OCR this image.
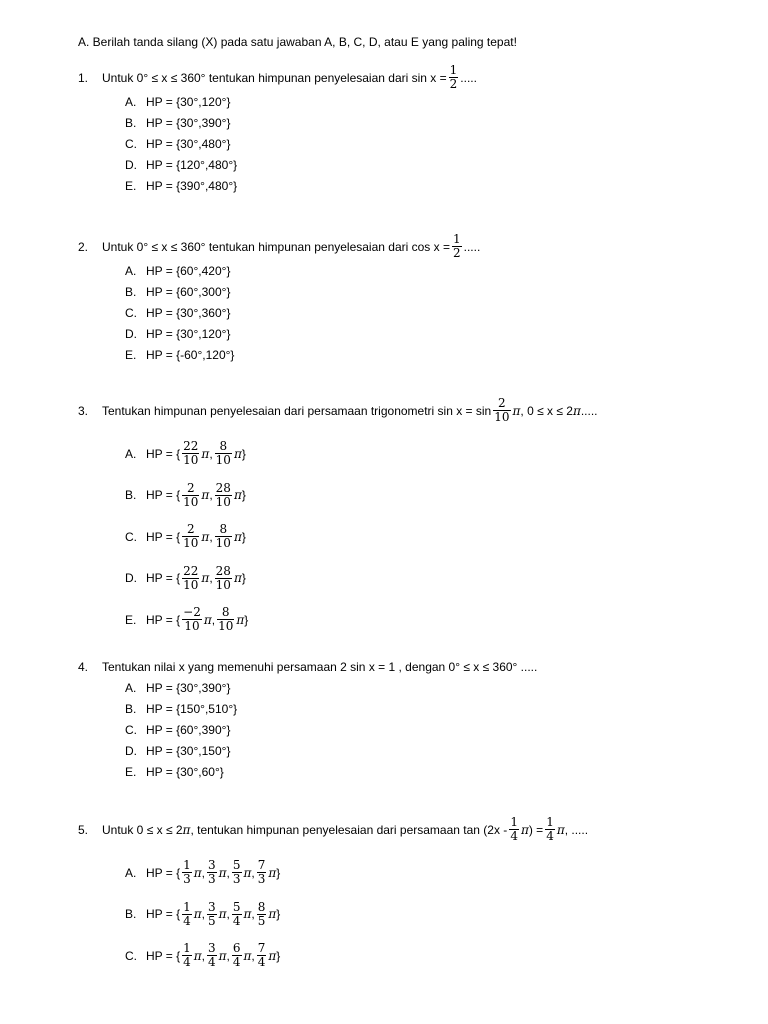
A. Berilah tanda silang (X) pada satu jawaban A, B, C, D, atau E yang paling tepat!
1. Untuk 0° ≤ x ≤ 360° tentukan himpunan penyelesaian dari $\sin x = \frac{1}{2}$ .....
A. HP = {30°,120°}
B. HP = {30°,390°}
C. HP = {30°,480°}
D. HP = {120°,480°}
E. HP = {390°,480°}
2. Untuk 0° ≤ x ≤ 360° tentukan himpunan penyelesaian dari $\cos x = \frac{1}{2}$ .....
A. HP = {60°,420°}
B. HP = {60°,300°}
C. HP = {30°,360°}
D. HP = {30°,120°}
E. HP = {-60°,120°}
3. Tentukan himpunan penyelesaian dari persamaan trigonometri $\sin x = \sin \frac{2}{10}$ π , 0 ≤ x ≤ 2 π .....
A. HP = { $\frac{22}{10}$ π , $\frac{8}{10}$ π }
B. HP = { $\frac{2}{10}$ π , $\frac{28}{10}$ π }
C. HP = { $\frac{2}{10}$ π , $\frac{8}{10}$ π }
D. HP = { $\frac{22}{10}$ π , $\frac{28}{10}$ π }
E. HP = { $\frac{-2}{10}$ π , $\frac{8}{10}$ π }
4. Tentukan nilai x yang memenuhi persamaan 2 sin x = 1 , dengan 0° ≤ x ≤ 360° .....
A. HP = {30°,390°}
B. HP = {150°,510°}
C. HP = {60°,390°}
D. HP = {30°,150°}
E. HP = {30°,60°}
5. Untuk 0 ≤ x ≤ 2 π , tentukan himpunan penyelesaian dari persamaan $\tan (2x - \frac{1}{4}$ π ) = $\frac{1}{4}$ π , .....
A. HP = { $\frac{1}{3}$ π , $\frac{3}{3}$ π , $\frac{5}{3}$ π , $\frac{7}{3}$ π }
B. HP = { $\frac{1}{4}$ π , $\frac{3}{5}$ π , $\frac{5}{4}$ π , $\frac{8}{5}$ π }
C. HP = { $\frac{1}{4}$ π , $\frac{3}{4}$ π , $\frac{6}{4}$ π , $\frac{7}{4}$ π }
